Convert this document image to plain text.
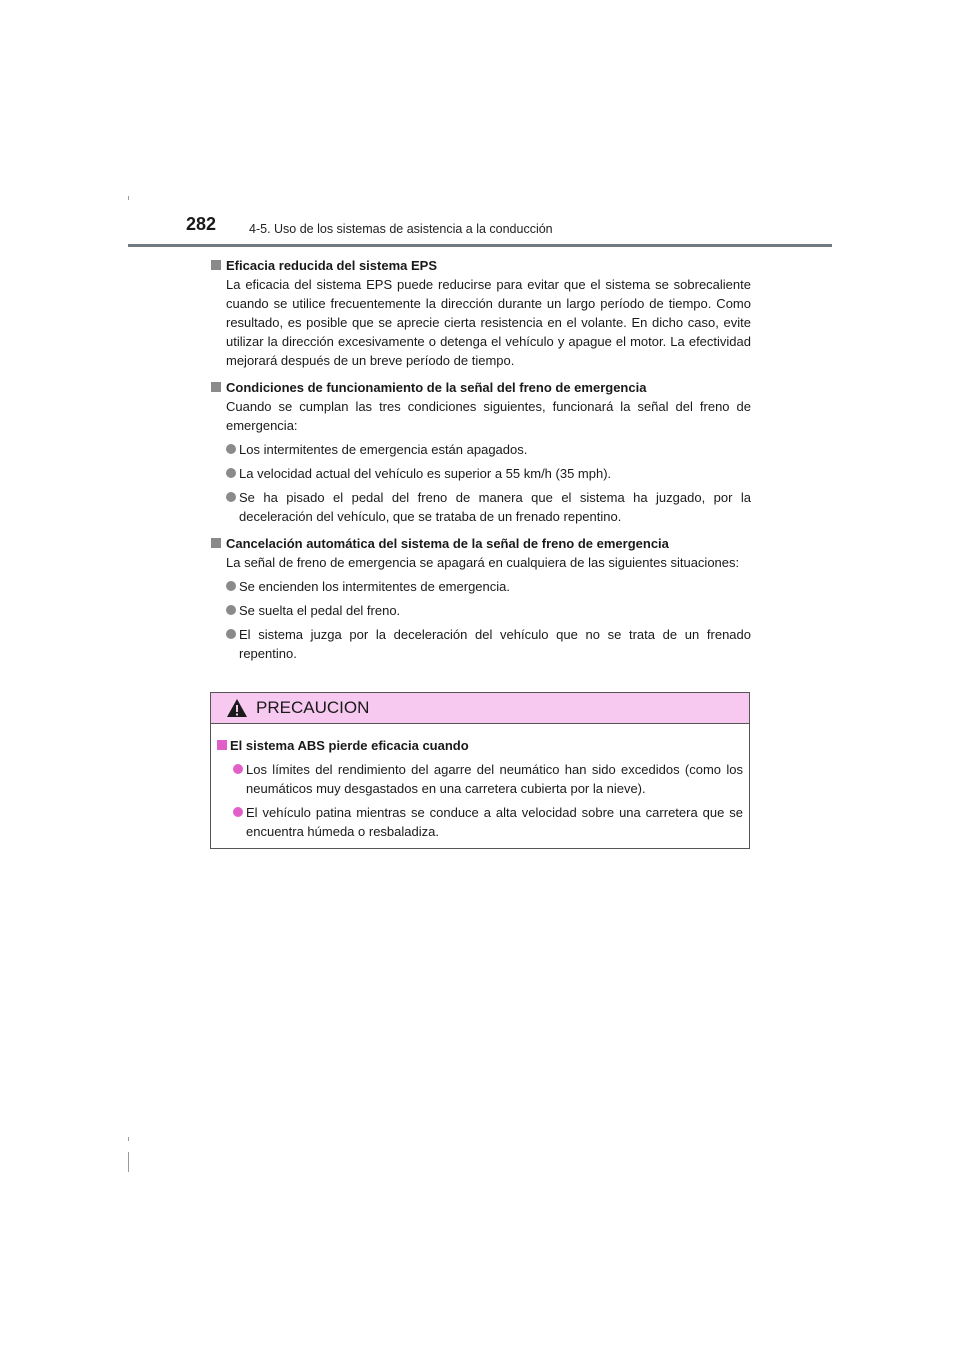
282	4-5. Uso de los sistemas de asistencia a la conducción
Eficacia reducida del sistema EPS
La eficacia del sistema EPS puede reducirse para evitar que el sistema se sobrecaliente cuando se utilice frecuentemente la dirección durante un largo período de tiempo. Como resultado, es posible que se aprecie cierta resistencia en el volante. En dicho caso, evite utilizar la dirección excesivamente o detenga el vehículo y apague el motor. La efectividad mejorará después de un breve período de tiempo.
Condiciones de funcionamiento de la señal del freno de emergencia
Cuando se cumplan las tres condiciones siguientes, funcionará la señal del freno de emergencia:
Los intermitentes de emergencia están apagados.
La velocidad actual del vehículo es superior a 55 km/h (35 mph).
Se ha pisado el pedal del freno de manera que el sistema ha juzgado, por la deceleración del vehículo, que se trataba de un frenado repentino.
Cancelación automática del sistema de la señal de freno de emergencia
La señal de freno de emergencia se apagará en cualquiera de las siguientes situaciones:
Se encienden los intermitentes de emergencia.
Se suelta el pedal del freno.
El sistema juzga por la deceleración del vehículo que no se trata de un frenado repentino.
PRECAUCION
El sistema ABS pierde eficacia cuando
Los límites del rendimiento del agarre del neumático han sido excedidos (como los neumáticos muy desgastados en una carretera cubierta por la nieve).
El vehículo patina mientras se conduce a alta velocidad sobre una carretera que se encuentra húmeda o resbaladiza.
